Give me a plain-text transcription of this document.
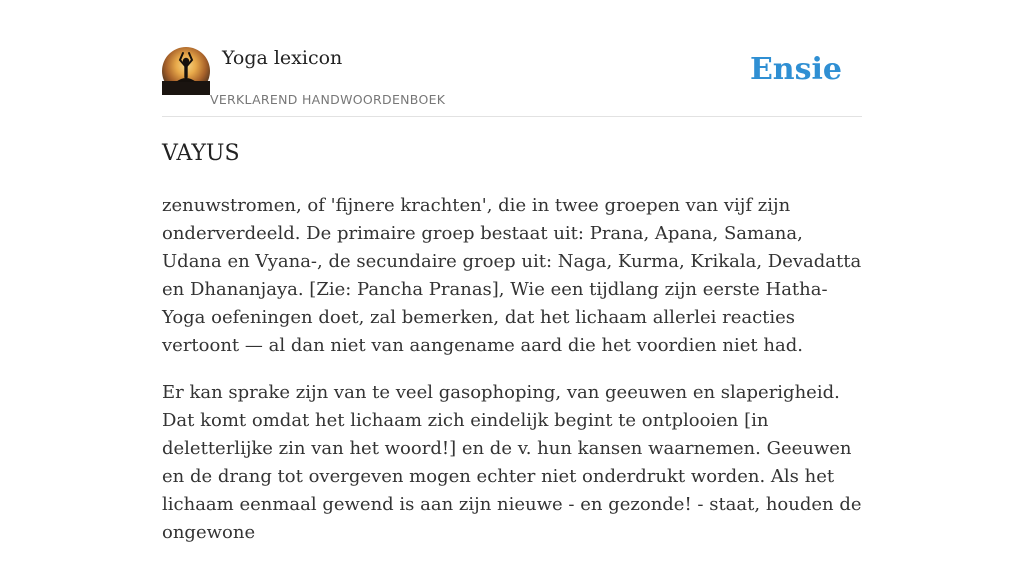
Yoga lexicon
VERKLAREND HANDWOORDENBOEK
Ensie
VAYUS

zenuwstromen, of 'fijnere krachten', die in twee groepen van vijf zijn onderverdeeld. De primaire groep bestaat uit: Prana, Apana, Samana, Udana en Vyana-, de secundaire groep uit: Naga, Kurma, Krikala, Devadatta en Dhananjaya. [Zie: Pancha Pranas], Wie een tijdlang zijn eerste Hatha-Yoga oefeningen doet, zal bemerken, dat het lichaam allerlei reacties vertoont — al dan niet van aangename aard die het voordien niet had.

Er kan sprake zijn van te veel gasophoping, van geeuwen en slaperigheid. Dat komt omdat het lichaam zich eindelijk begint te ontplooien [in deletterlijke zin van het woord!] en de v. hun kansen waarnemen. Geeuwen en de drang tot overgeven mogen echter niet onderdrukt worden. Als het lichaam eenmaal gewend is aan zijn nieuwe - en gezonde! - staat, houden de ongewone
